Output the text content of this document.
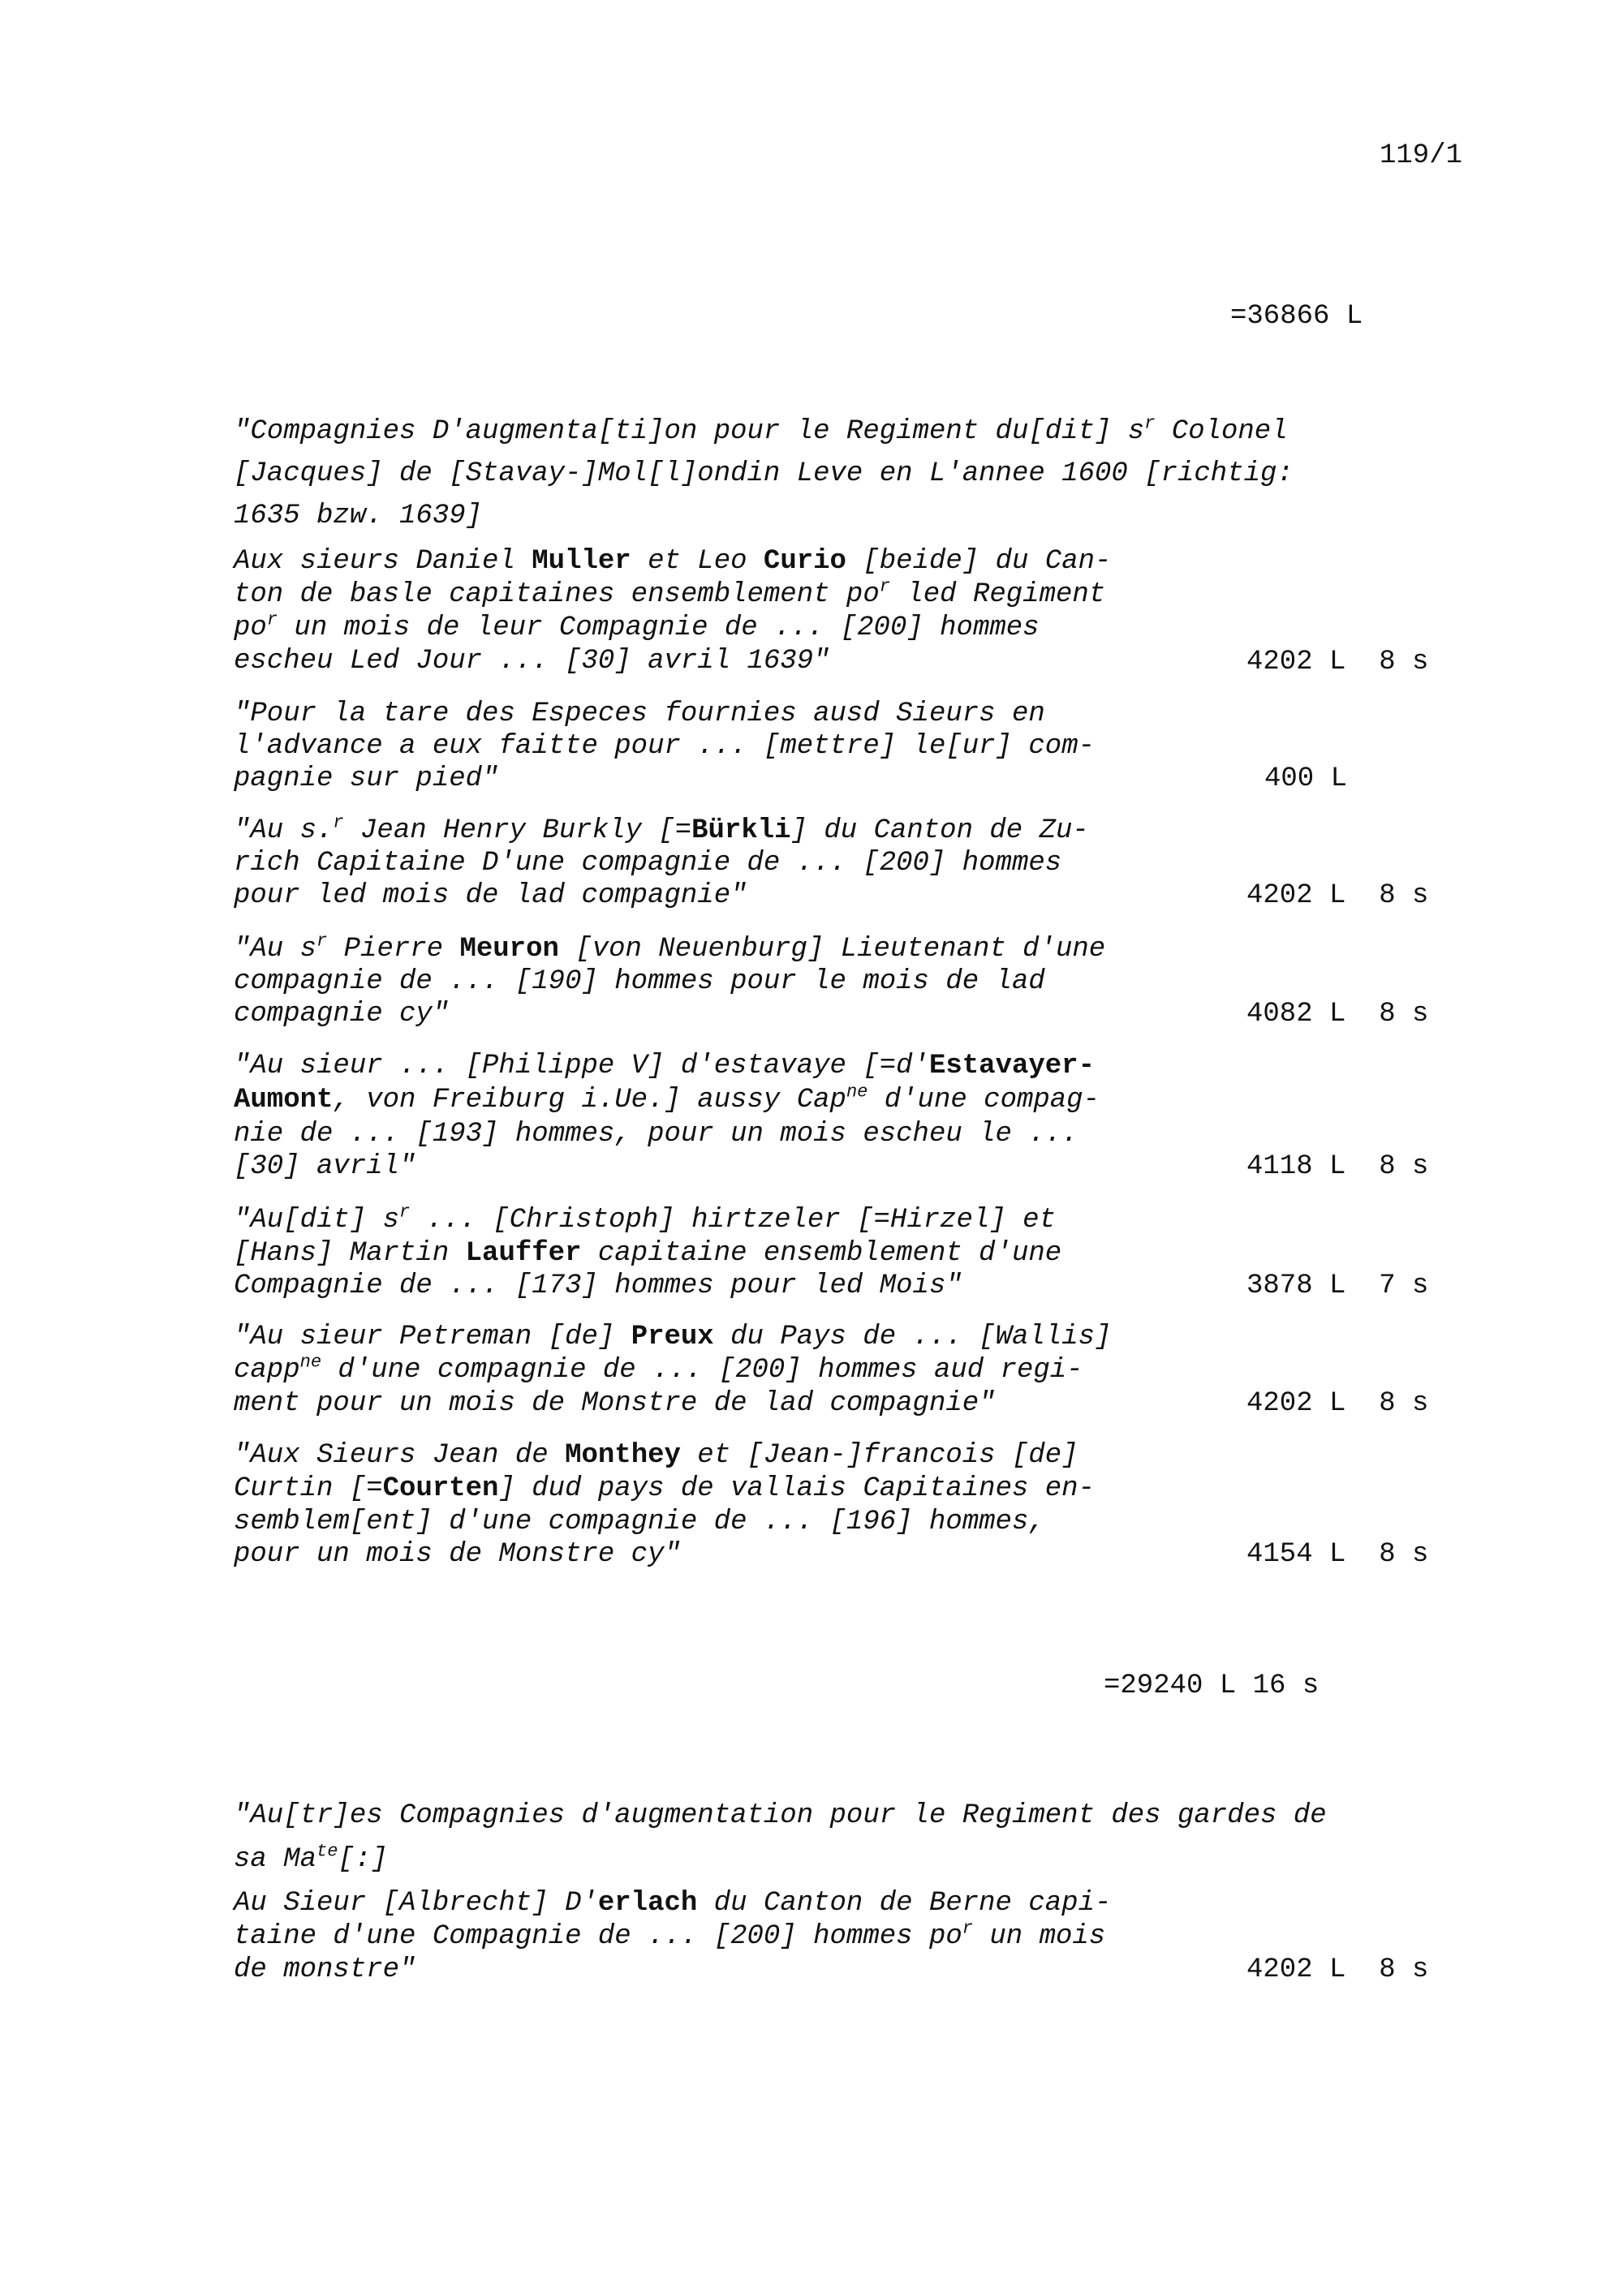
119/1
=36866 L
"Compagnies D'augmenta[ti]on pour le Regiment du[dit] $s^r$ Colonel
[Jacques] de [Stavay-]Mol[l]ondin Leve en L'annee 1600 [richtig:
1635 bzw. 1639]
Aux sieurs Daniel Muller et Leo Curio [beide] du Can-
ton de basle capitaines ensemblement $po^r$ led Regiment
$po^r$ un mois de leur Compagnie de ... [200] hommes
escheu Led Jour ... [30] avril 1639"	4202 L  8 s
"Pour la tare des Especes fournies ausd Sieurs en
l'advance a eux faitte pour ... [mettre] le[ur] com-
pagnie sur pied"	400 L
"Au s.$^r$ Jean Henry Burkly [=Bürkli] du Canton de Zu-
rich Capitaine D'une compagnie de ... [200] hommes
pour led mois de lad compagnie"	4202 L  8 s
"Au $s^r$ Pierre Meuron [von Neuenburg] Lieutenant d'une
compagnie de ... [190] hommes pour le mois de lad
compagnie cy"	4082 L  8 s
"Au sieur ... [Philippe V] d'estavaye [=d'Estavayer-
Aumont, von Freiburg i.Ue.] aussy Cap$^{ne}$ d'une compag-
nie de ... [193] hommes, pour un mois escheu le ...
[30] avril"	4118 L  8 s
"Au[dit] $s^r$ ... [Christoph] hirtzeler [=Hirzel] et
[Hans] Martin Lauffer capitaine ensemblement d'une
Compagnie de ... [173] hommes pour led Mois"	3878 L  7 s
"Au sieur Petreman [de] Preux du Pays de ... [Wallis]
capp$^{ne}$ d'une compagnie de ... [200] hommes aud regi-
ment pour un mois de Monstre de lad compagnie"	4202 L  8 s
"Aux Sieurs Jean de Monthey et [Jean-]francois [de]
Curtin [=Courten] dud pays de vallais Capitaines en-
semblem[ent] d'une compagnie de ... [196] hommes,
pour un mois de Monstre cy"	4154 L  8 s
=29240 L 16 s
"Au[tr]es Compagnies d'augmentation pour le Regiment des gardes de
sa $Ma^{te}[:]$
Au Sieur [Albrecht] D'erlach du Canton de Berne capi-
taine d'une Compagnie de ... [200] hommes $po^r$ un mois
de monstre"	4202 L  8 s
